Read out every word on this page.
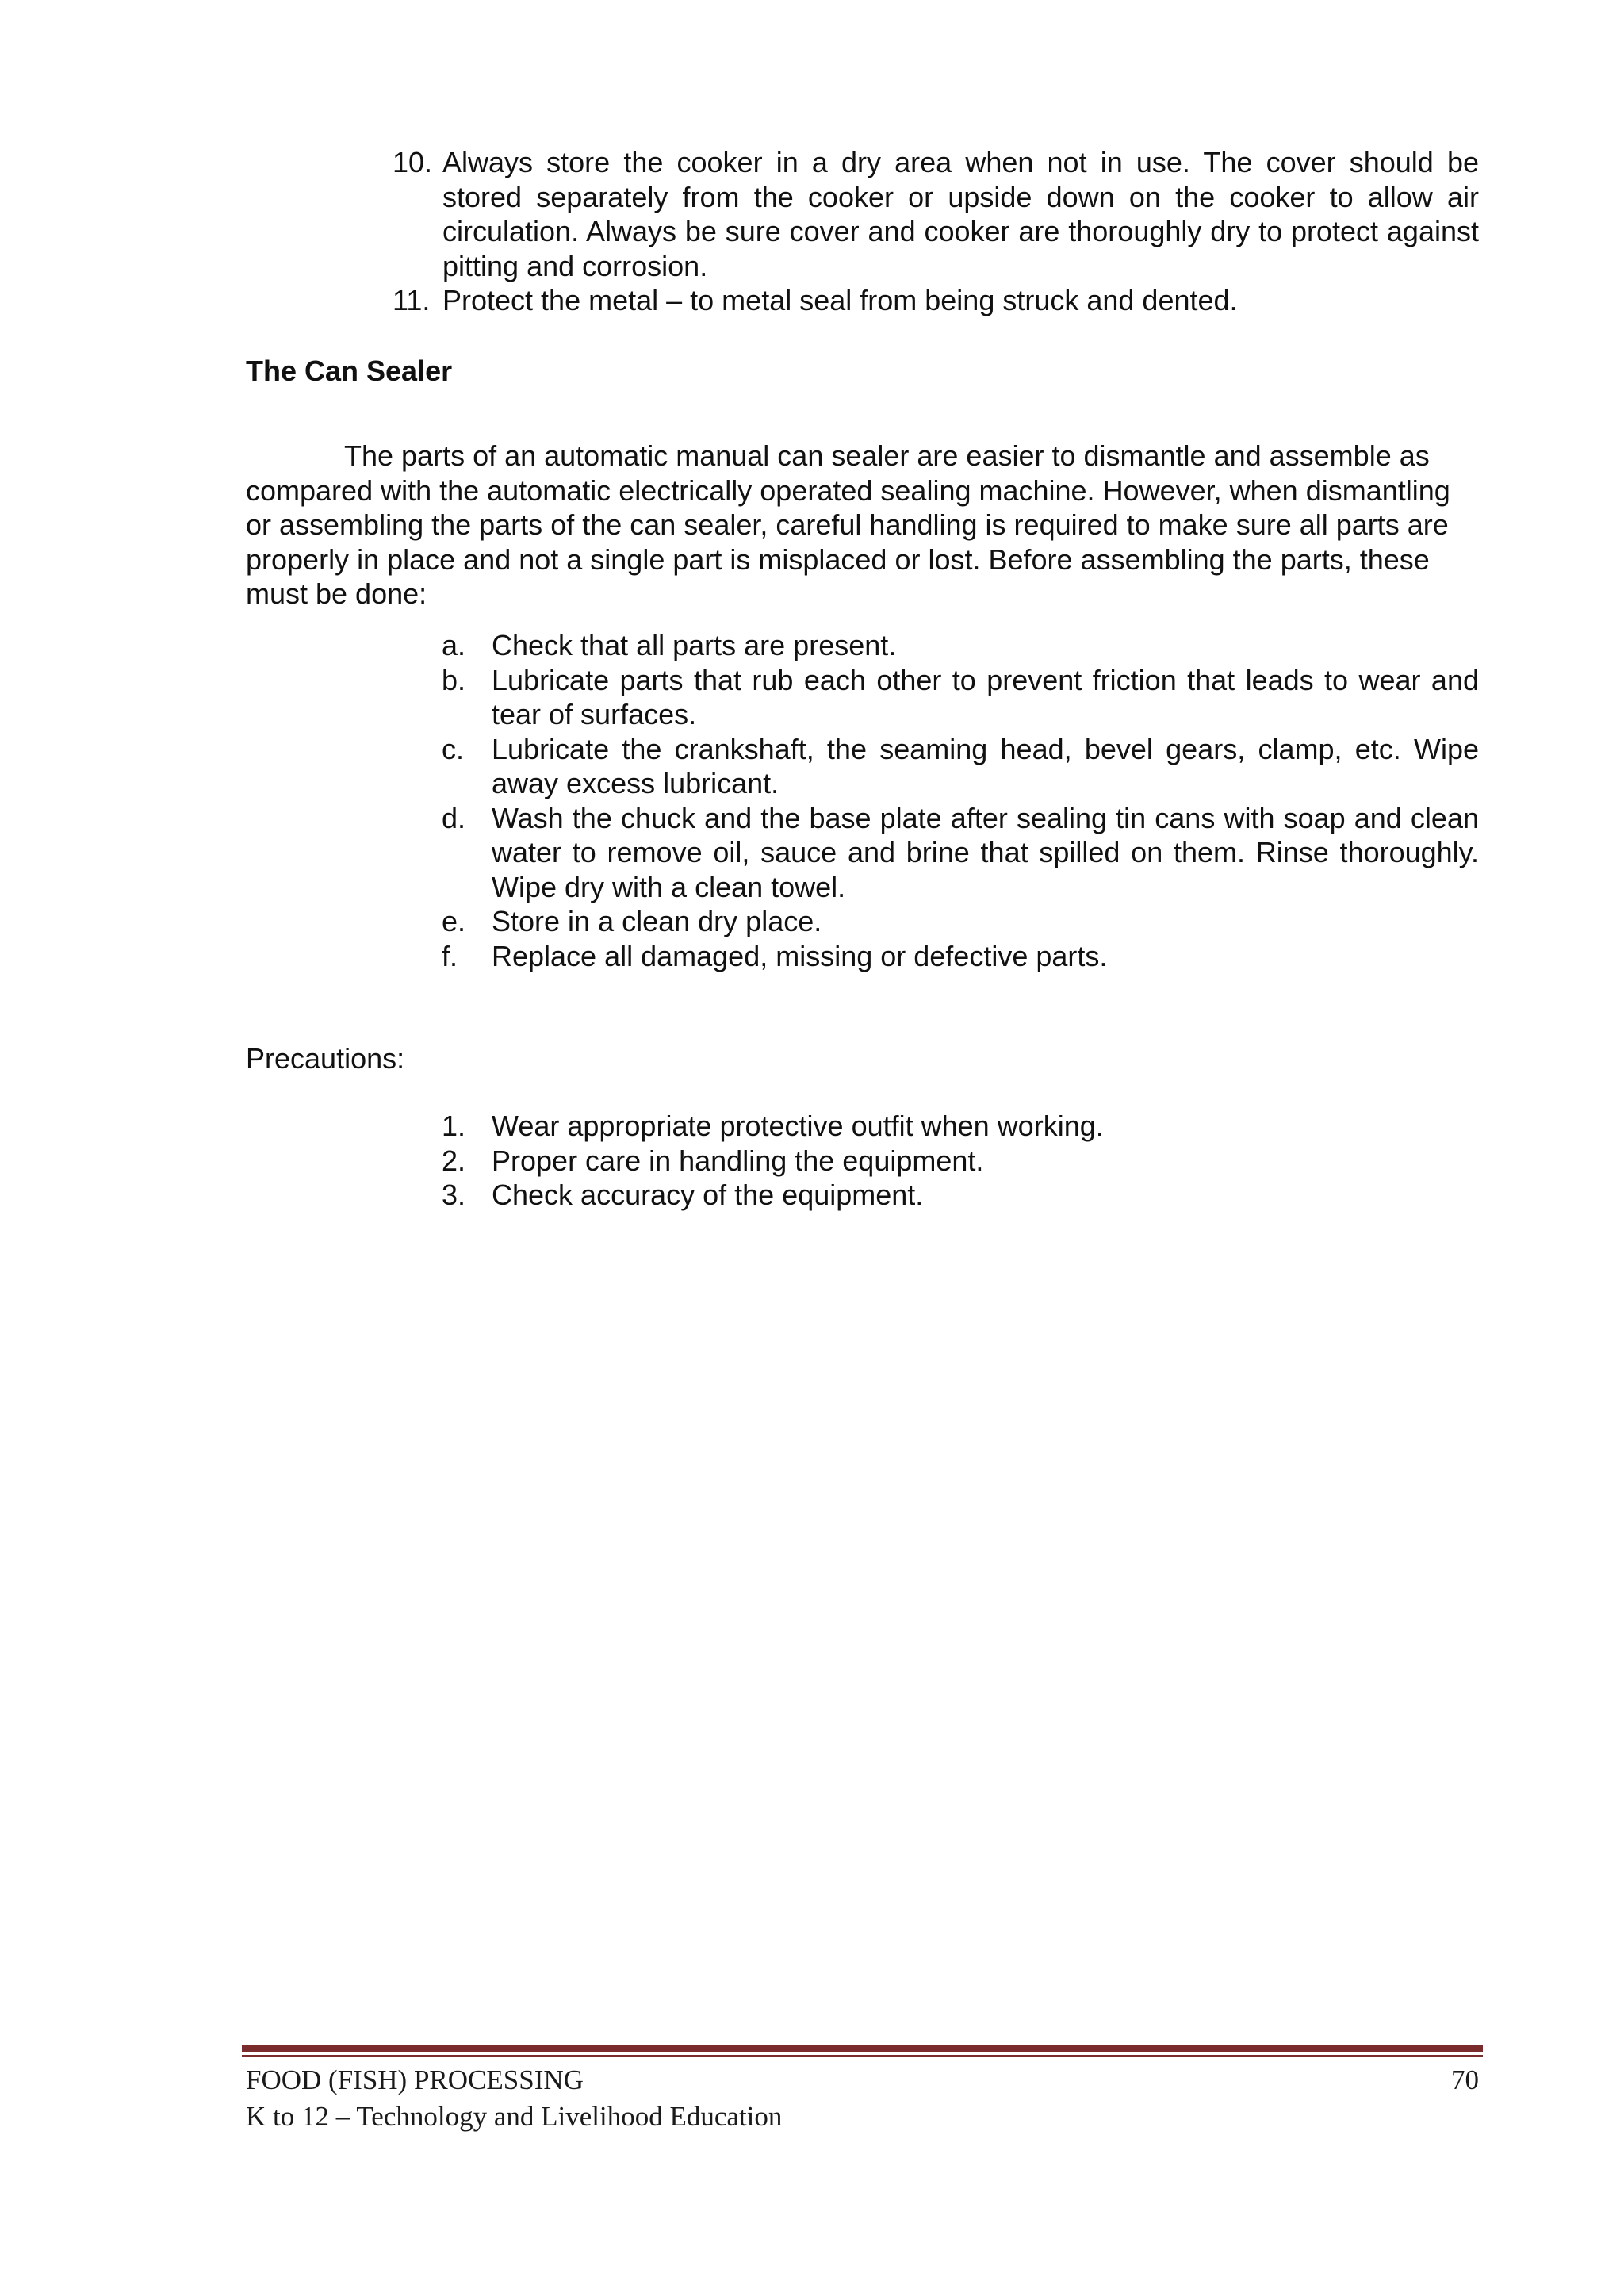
10. Always store the cooker in a dry area when not in use. The cover should be stored separately from the cooker or upside down on the cooker to allow air circulation. Always be sure cover and cooker are thoroughly dry to protect against pitting and corrosion.
11. Protect the metal – to metal seal from being struck and dented.
The Can Sealer
The parts of an automatic manual can sealer are easier to dismantle and assemble as compared with the automatic electrically operated sealing machine. However, when dismantling or assembling the parts of the can sealer, careful handling is required to make sure all parts are properly in place and not a single part is misplaced or lost. Before assembling the parts, these must be done:
a. Check that all parts are present.
b. Lubricate parts that rub each other to prevent friction that leads to wear and tear of surfaces.
c. Lubricate the crankshaft, the seaming head, bevel gears, clamp, etc. Wipe away excess lubricant.
d. Wash the chuck and the base plate after sealing tin cans with soap and clean water to remove oil, sauce and brine that spilled on them. Rinse thoroughly. Wipe dry with a clean towel.
e. Store in a clean dry place.
f. Replace all damaged, missing or defective parts.
Precautions:
1. Wear appropriate protective outfit when working.
2. Proper care in handling the equipment.
3. Check accuracy of the equipment.
FOOD (FISH) PROCESSING
K to 12 – Technology and Livelihood Education
70
